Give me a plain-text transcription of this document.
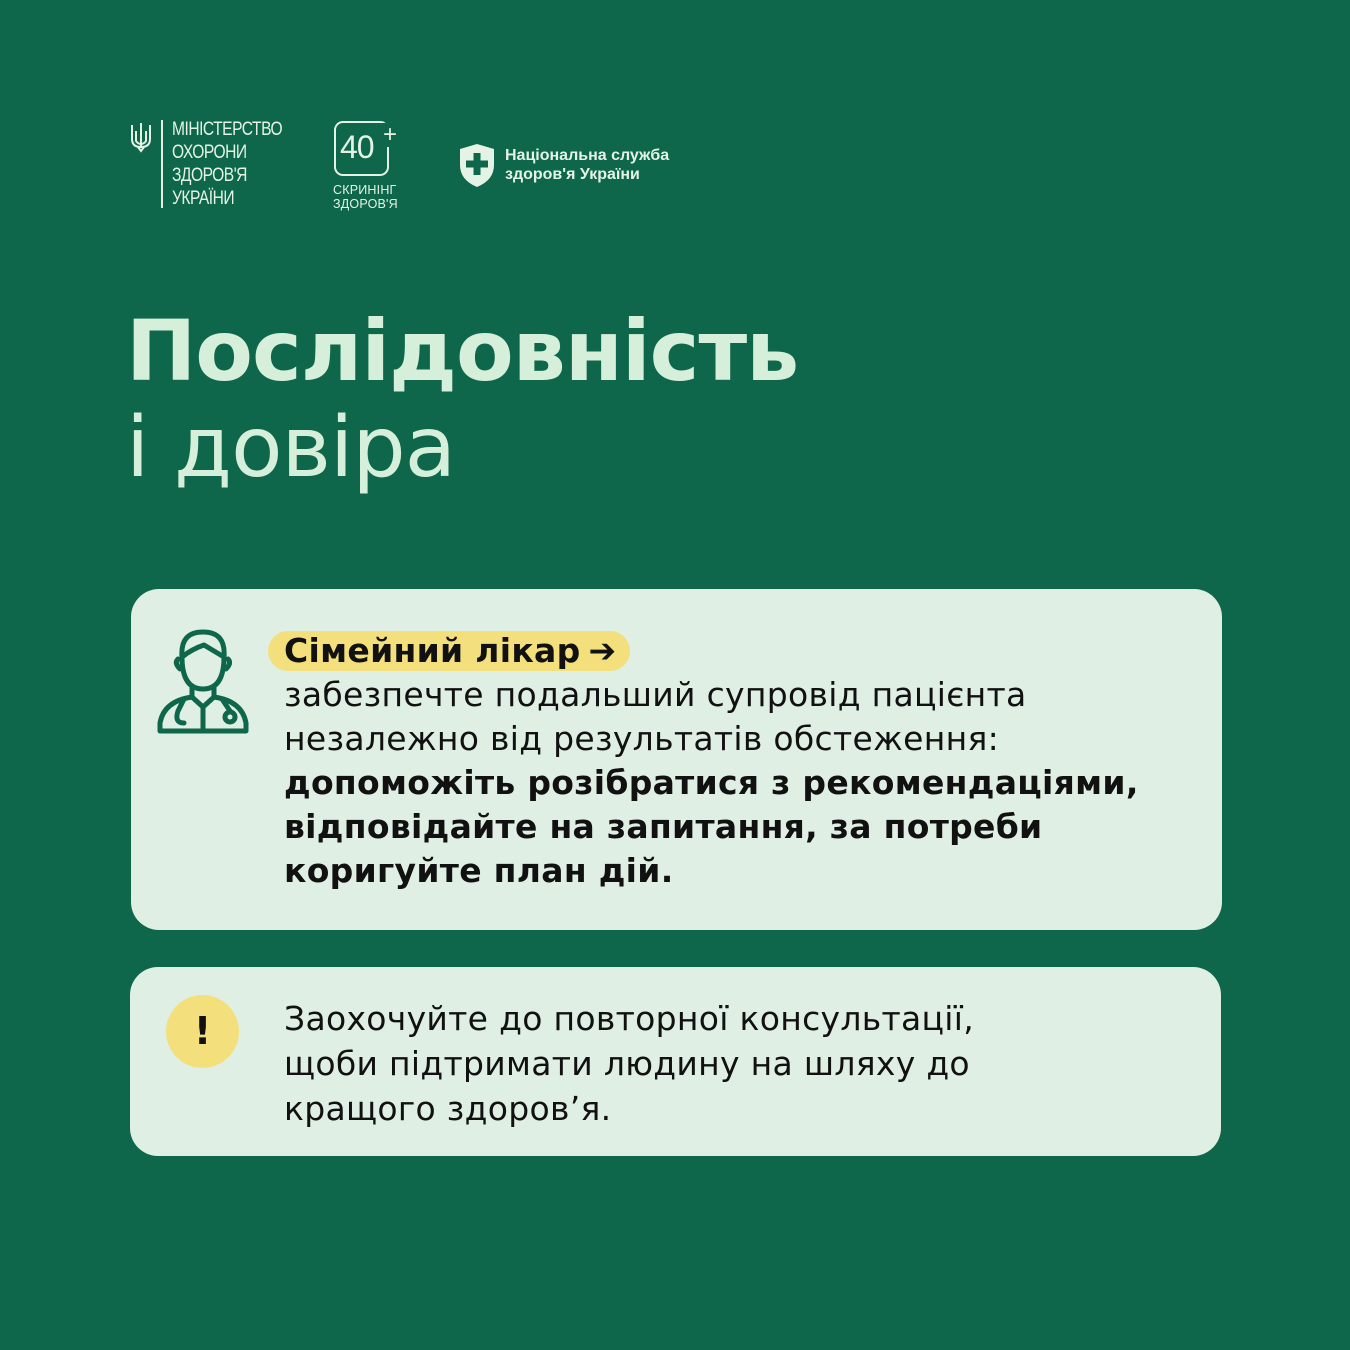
МІНІСТЕРСТВО
ОХОРОНИ
ЗДОРОВ'Я
УКРАЇНИ
40 +
СКРИНІНГ
ЗДОРОВ'Я
Національна служба
здоров'я України
Послідовність
і довіра
Сімейний лікар ➔
забезпечте подальший супровід пацієнта
незалежно від результатів обстеження:
допоможіть розібратися з рекомендаціями,
відповідайте на запитання, за потреби
коригуйте план дій.
!	Заохочуйте до повторної консультації,
щоби підтримати людину на шляху до
кращого здоров’я.
